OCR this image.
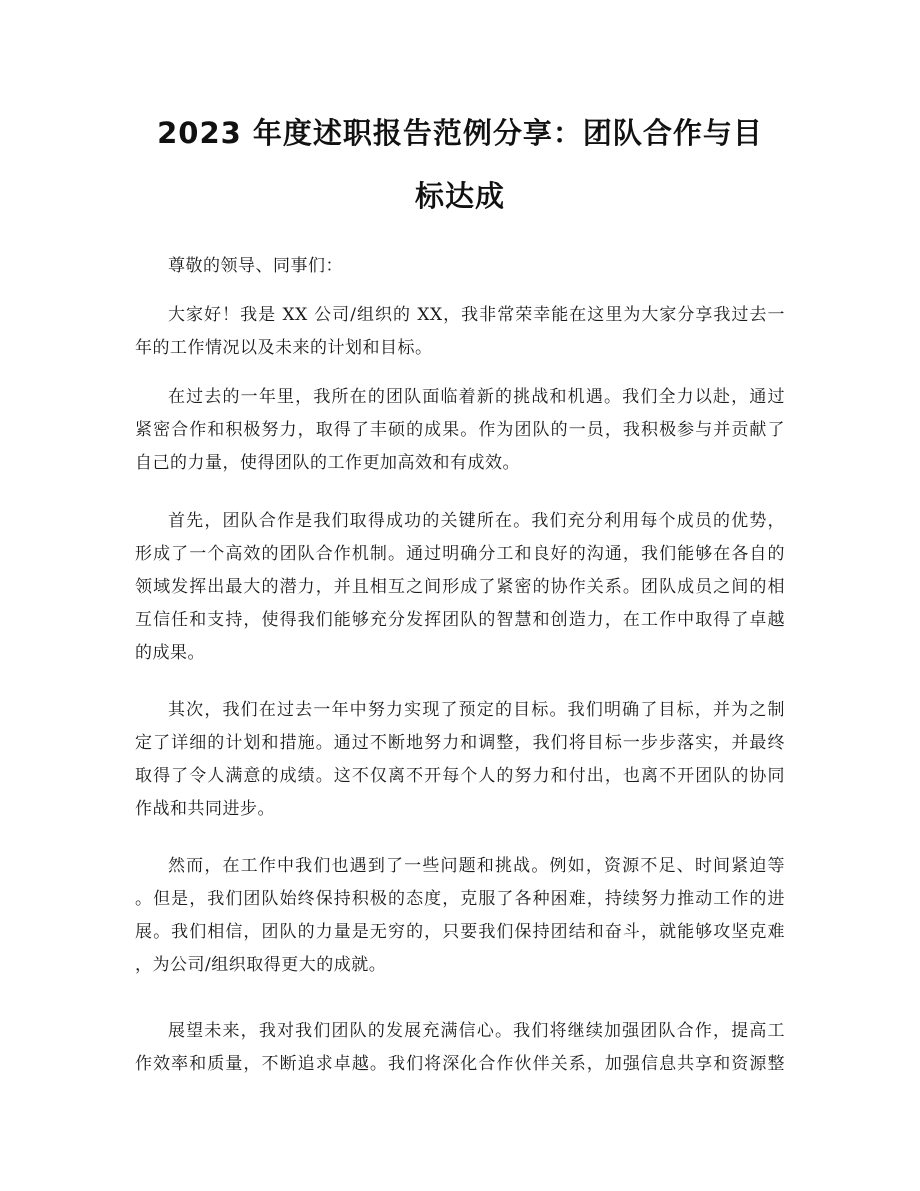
2023 年度述职报告范例分享：团队合作与目
标达成
尊敬的领导、同事们：
大家好！我是 XX 公司/组织的 XX，我非常荣幸能在这里为大家分享我过去一
年的工作情况以及未来的计划和目标。
在过去的一年里，我所在的团队面临着新的挑战和机遇。我们全力以赴，通过
紧密合作和积极努力，取得了丰硕的成果。作为团队的一员，我积极参与并贡献了
自己的力量，使得团队的工作更加高效和有成效。
首先，团队合作是我们取得成功的关键所在。我们充分利用每个成员的优势，
形成了一个高效的团队合作机制。通过明确分工和良好的沟通，我们能够在各自的
领域发挥出最大的潜力，并且相互之间形成了紧密的协作关系。团队成员之间的相
互信任和支持，使得我们能够充分发挥团队的智慧和创造力，在工作中取得了卓越
的成果。
其次，我们在过去一年中努力实现了预定的目标。我们明确了目标，并为之制
定了详细的计划和措施。通过不断地努力和调整，我们将目标一步步落实，并最终
取得了令人满意的成绩。这不仅离不开每个人的努力和付出，也离不开团队的协同
作战和共同进步。
然而，在工作中我们也遇到了一些问题和挑战。例如，资源不足、时间紧迫等
。但是，我们团队始终保持积极的态度，克服了各种困难，持续努力推动工作的进
展。我们相信，团队的力量是无穷的，只要我们保持团结和奋斗，就能够攻坚克难
，为公司/组织取得更大的成就。
展望未来，我对我们团队的发展充满信心。我们将继续加强团队合作，提高工
作效率和质量，不断追求卓越。我们将深化合作伙伴关系，加强信息共享和资源整
